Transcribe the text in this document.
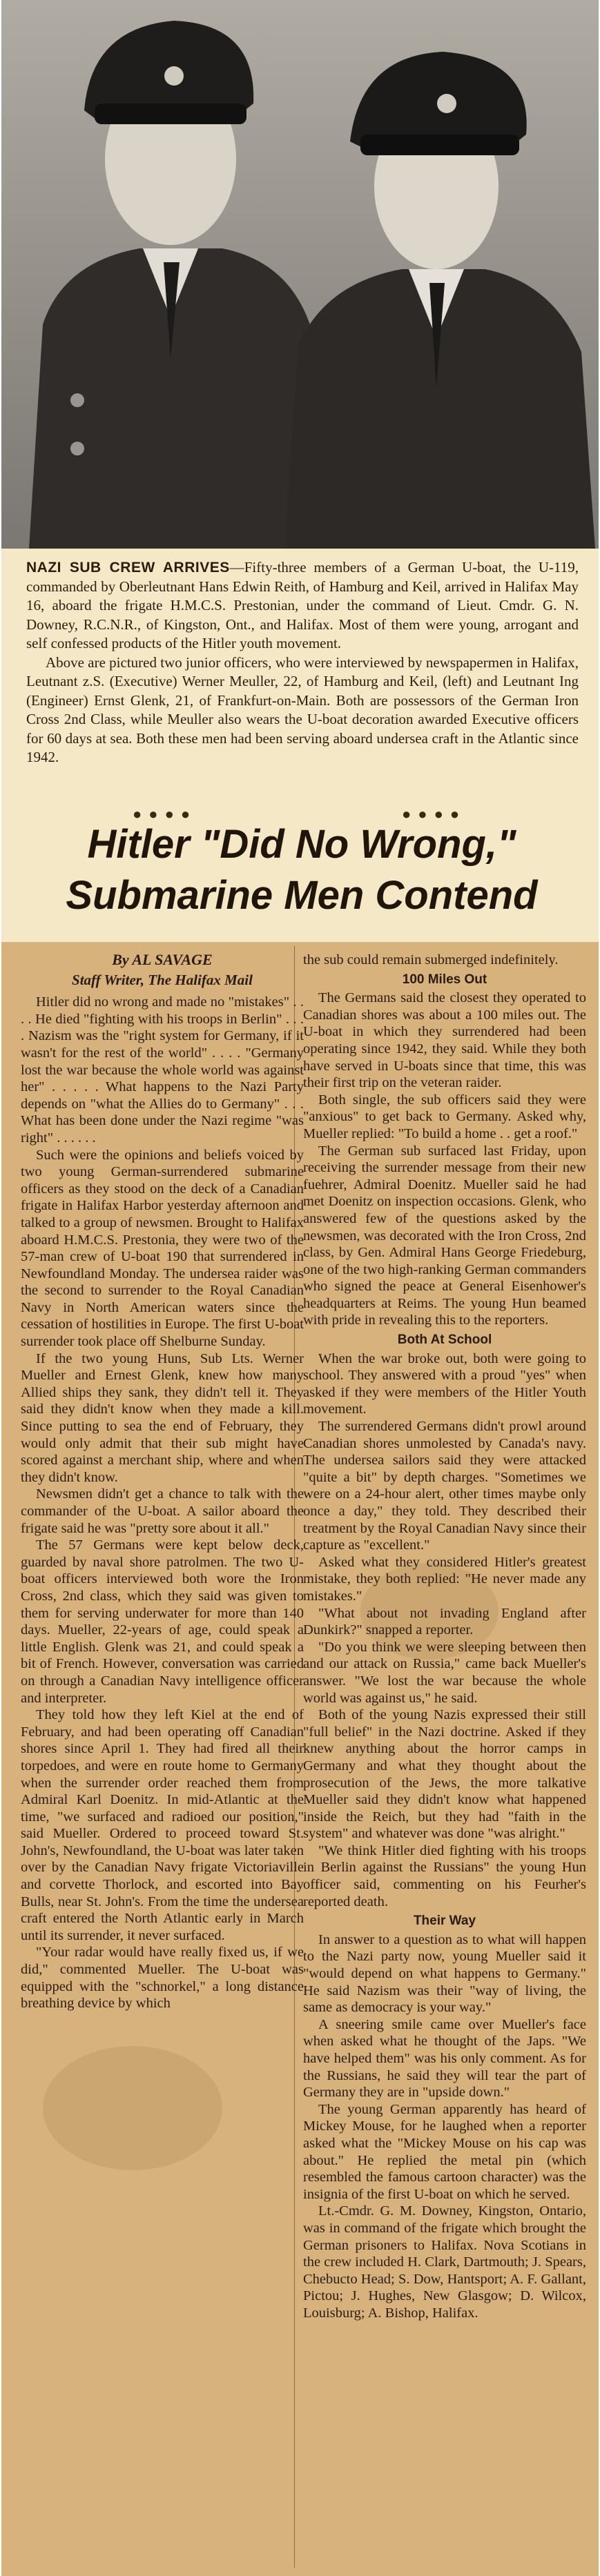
NAZI SUB CREW ARRIVES—Fifty-three members of a German U-boat, the U-119, commanded by Oberleutnant Hans Edwin Reith, of Hamburg and Keil, arrived in Halifax May 16, aboard the frigate H.M.C.S. Prestonian, under the command of Lieut. Cmdr. G. N. Downey, R.C.N.R., of Kingston, Ont., and Halifax. Most of them were young, arrogant and self confessed products of the Hitler youth movement.
Above are pictured two junior officers, who were interviewed by newspapermen in Halifax, Leutnant z.S. (Executive) Werner Meuller, 22, of Hamburg and Keil, (left) and Leutnant Ing (Engineer) Ernst Glenk, 21, of Frankfurt-on-Main. Both are possessors of the German Iron Cross 2nd Class, while Meuller also wears the U-boat decoration awarded Executive officers for 60 days at sea. Both these men had been serving aboard undersea craft in the Atlantic since 1942.
●●●●	●●●●
Hitler "Did No Wrong,"
Submarine Men Contend
By AL SAVAGE
Staff Writer, The Halifax Mail

Hitler did no wrong and made no "mistakes" . . . . He died "fighting with his troops in Berlin" . . . . Nazism was the "right system for Germany, if it wasn't for the rest of the world" . . . . "Germany lost the war because the whole world was against her" . . . . . What happens to the Nazi Party depends on "what the Allies do to Germany" . . . What has been done under the Nazi regime "was right" . . . . . .

Such were the opinions and beliefs voiced by two young German-surrendered submarine officers as they stood on the deck of a Canadian frigate in Halifax Harbor yesterday afternoon and talked to a group of newsmen. Brought to Halifax aboard H.M.C.S. Prestonia, they were two of the 57-man crew of U-boat 190 that surrendered in Newfoundland Monday. The undersea raider was the second to surrender to the Royal Canadian Navy in North American waters since the cessation of hostilities in Europe. The first U-boat surrender took place off Shelburne Sunday.

If the two young Huns, Sub Lts. Werner Mueller and Ernest Glenk, knew how many Allied ships they sank, they didn't tell it. They said they didn't know when they made a kill. Since putting to sea the end of February, they would only admit that their sub might have scored against a merchant ship, where and when they didn't know.

Newsmen didn't get a chance to talk with the commander of the U-boat. A sailor aboard the frigate said he was "pretty sore about it all."

The 57 Germans were kept below deck, guarded by naval shore patrolmen. The two U-boat officers interviewed both wore the Iron Cross, 2nd class, which they said was given to them for serving underwater for more than 140 days. Mueller, 22-years of age, could speak a little English. Glenk was 21, and could speak a bit of French. However, conversation was carried on through a Canadian Navy intelligence officer and interpreter.

They told how they left Kiel at the end of February, and had been operating off Canadian shores since April 1. They had fired all their torpedoes, and were en route home to Germany when the surrender order reached them from Admiral Karl Doenitz. In mid-Atlantic at the time, "we surfaced and radioed our position," said Mueller. Ordered to proceed toward St. John's, Newfoundland, the U-boat was later taken over by the Canadian Navy frigate Victoriaville and corvette Thorlock, and escorted into Bay Bulls, near St. John's. From the time the undersea craft entered the North Atlantic early in March until its surrender, it never surfaced.

"Your radar would have really fixed us, if we did," commented Mueller. The U-boat was equipped with the "schnorkel," a long distance breathing device by which

the sub could remain submerged indefinitely.

100 Miles Out

The Germans said the closest they operated to Canadian shores was about a 100 miles out. The U-boat in which they surrendered had been operating since 1942, they said. While they both have served in U-boats since that time, this was their first trip on the veteran raider.

Both single, the sub officers said they were "anxious" to get back to Germany. Asked why, Mueller replied: "To build a home . . get a roof."

The German sub surfaced last Friday, upon receiving the surrender message from their new fuehrer, Admiral Doenitz. Mueller said he had met Doenitz on inspection occasions. Glenk, who answered few of the questions asked by the newsmen, was decorated with the Iron Cross, 2nd class, by Gen. Admiral Hans George Friedeburg, one of the two high-ranking German commanders who signed the peace at General Eisenhower's headquarters at Reims. The young Hun beamed with pride in revealing this to the reporters.

Both At School

When the war broke out, both were going to school. They answered with a proud "yes" when asked if they were members of the Hitler Youth movement.

The surrendered Germans didn't prowl around Canadian shores unmolested by Canada's navy. The undersea sailors said they were attacked "quite a bit" by depth charges. "Sometimes we were on a 24-hour alert, other times maybe only once a day," they told. They described their treatment by the Royal Canadian Navy since their capture as "excellent."

Asked what they considered Hitler's greatest mistake, they both replied: "He never made any mistakes."

"What about not invading England after Dunkirk?" snapped a reporter.

"Do you think we were sleeping between then and our attack on Russia," came back Mueller's answer. "We lost the war because the whole world was against us," he said.

Both of the young Nazis expressed their still "full belief" in the Nazi doctrine. Asked if they knew anything about the horror camps in Germany and what they thought about the prosecution of the Jews, the more talkative Mueller said they didn't know what happened inside the Reich, but they had "faith in the system" and whatever was done "was alright."

"We think Hitler died fighting with his troops in Berlin against the Russians" the young Hun officer said, commenting on his Feurher's reported death.

Their Way

In answer to a question as to what will happen to the Nazi party now, young Mueller said it "would depend on what happens to Germany." He said Nazism was their "way of living, the same as democracy is your way."

A sneering smile came over Mueller's face when asked what he thought of the Japs. "We have helped them" was his only comment. As for the Russians, he said they will tear the part of Germany they are in "upside down."

The young German apparently has heard of Mickey Mouse, for he laughed when a reporter asked what the "Mickey Mouse on his cap was about." He replied the metal pin (which resembled the famous cartoon character) was the insignia of the first U-boat on which he served.

Lt.-Cmdr. G. M. Downey, Kingston, Ontario, was in command of the frigate which brought the German prisoners to Halifax. Nova Scotians in the crew included H. Clark, Dartmouth; J. Spears, Chebucto Head; S. Dow, Hantsport; A. F. Gallant, Pictou; J. Hughes, New Glasgow; D. Wilcox, Louisburg; A. Bishop, Halifax.
